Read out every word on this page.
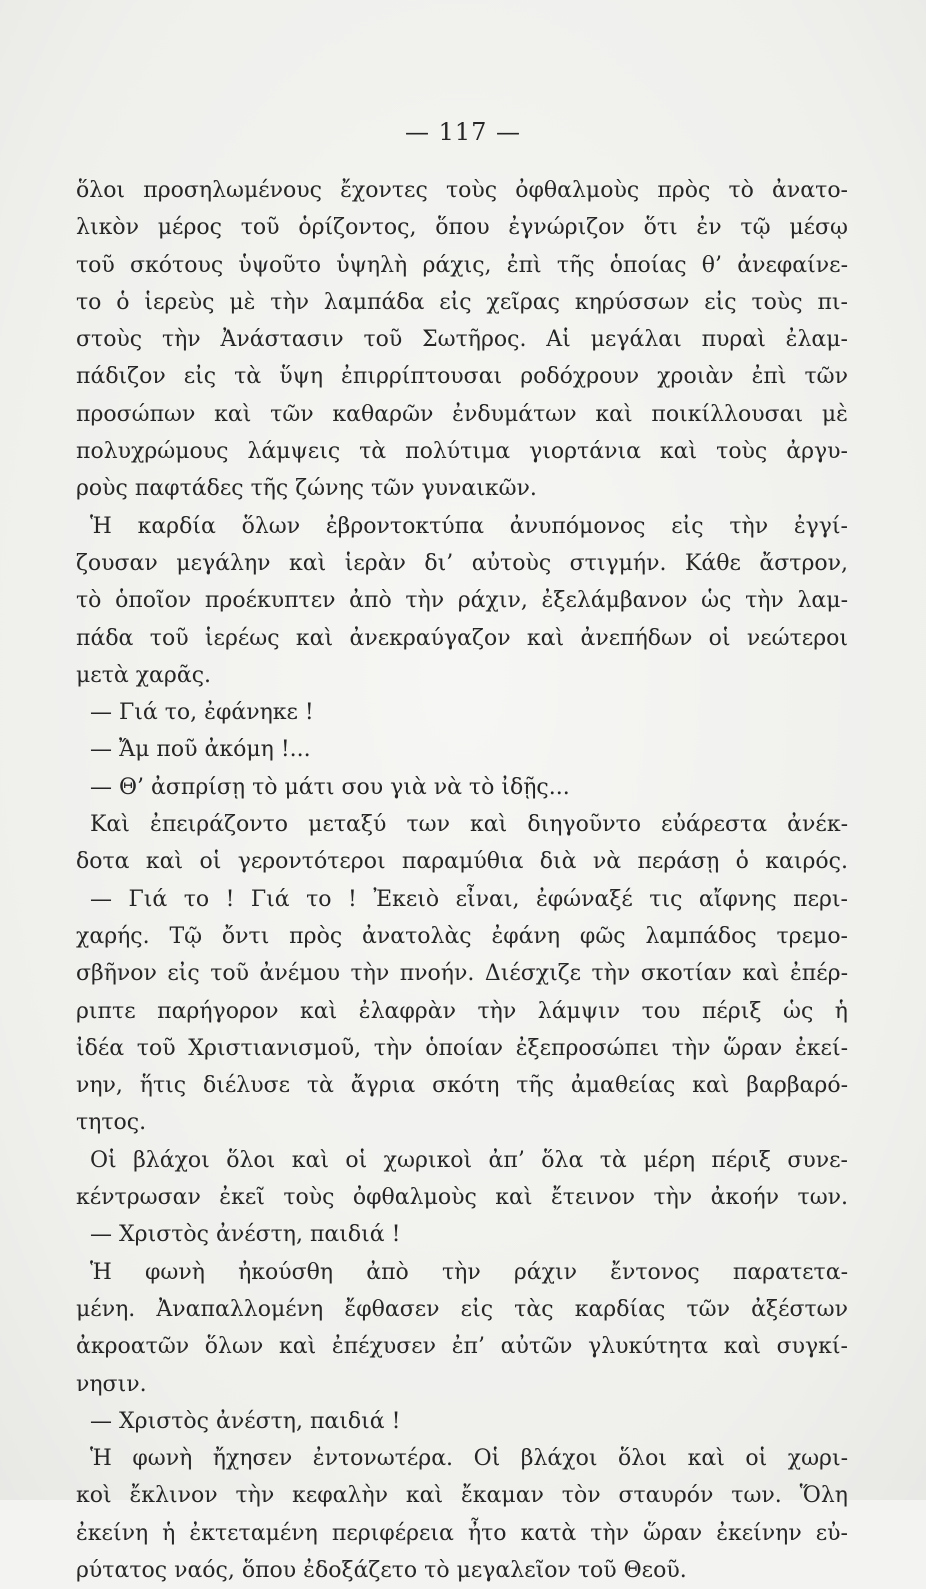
— 117 —
ὅλοι προσηλωμένους ἔχοντες τοὺς ὀφθαλμοὺς πρὸς τὸ ἀνατο-
λικὸν μέρος τοῦ ὁρίζοντος, ὅπου ἐγνώριζον ὅτι ἐν τῷ μέσῳ
τοῦ σκότους ὑψοῦτο ὑψηλὴ ράχις, ἐπὶ τῆς ὁποίας θ’ ἀνεφαίνε-
το ὁ ἱερεὺς μὲ τὴν λαμπάδα εἰς χεῖρας κηρύσσων εἰς τοὺς πι-
στοὺς τὴν Ἀνάστασιν τοῦ Σωτῆρος. Αἱ μεγάλαι πυραὶ ἐλαμ-
πάδιζον εἰς τὰ ὕψη ἐπιρρίπτουσαι ροδόχρουν χροιὰν ἐπὶ τῶν
προσώπων καὶ τῶν καθαρῶν ἐνδυμάτων καὶ ποικίλλουσαι μὲ
πολυχρώμους λάμψεις τὰ πολύτιμα γιορτάνια καὶ τοὺς ἀργυ-
ροὺς παφτάδες τῆς ζώνης τῶν γυναικῶν.
Ἡ καρδία ὅλων ἐβροντοκτύπα ἀνυπόμονος εἰς τὴν ἐγγί-
ζουσαν μεγάλην καὶ ἱερὰν δι’ αὐτοὺς στιγμήν. Κάθε ἄστρον,
τὸ ὁποῖον προέκυπτεν ἀπὸ τὴν ράχιν, ἐξελάμβανον ὡς τὴν λαμ-
πάδα τοῦ ἱερέως καὶ ἀνεκραύγαζον καὶ ἀνεπήδων οἱ νεώτεροι
μετὰ χαρᾶς.
— Γιά το, ἐφάνηκε !
— Ἄμ ποῦ ἀκόμη !...
— Θ’ ἀσπρίσῃ τὸ μάτι σου γιὰ νὰ τὸ ἰδῇς...
Καὶ ἐπειράζοντο μεταξύ των καὶ διηγοῦντο εὐάρεστα ἀνέκ-
δοτα καὶ οἱ γεροντότεροι παραμύθια διὰ νὰ περάσῃ ὁ καιρός.
— Γιά το ! Γιά το ! Ἐκειὸ εἶναι, ἐφώναξέ τις αἴφνης περι-
χαρής. Τῷ ὄντι πρὸς ἀνατολὰς ἐφάνη φῶς λαμπάδος τρεμο-
σβῆνον εἰς τοῦ ἀνέμου τὴν πνοήν. Διέσχιζε τὴν σκοτίαν καὶ ἐπέρ-
ριπτε παρήγορον καὶ ἐλαφρὰν τὴν λάμψιν του πέριξ ὡς ἡ
ἰδέα τοῦ Χριστιανισμοῦ, τὴν ὁποίαν ἐξεπροσώπει τὴν ὥραν ἐκεί-
νην, ἥτις διέλυσε τὰ ἄγρια σκότη τῆς ἀμαθείας καὶ βαρβαρό-
τητος.
Οἱ βλάχοι ὅλοι καὶ οἱ χωρικοὶ ἀπ’ ὅλα τὰ μέρη πέριξ συνε-
κέντρωσαν ἐκεῖ τοὺς ὀφθαλμοὺς καὶ ἔτεινον τὴν ἀκοήν των.
— Χριστὸς ἀνέστη, παιδιά !
Ἡ φωνὴ ἠκούσθη ἀπὸ τὴν ράχιν ἔντονος παρατετα-
μένη. Ἀναπαλλομένη ἔφθασεν εἰς τὰς καρδίας τῶν ἀξέστων
ἀκροατῶν ὅλων καὶ ἐπέχυσεν ἐπ’ αὐτῶν γλυκύτητα καὶ συγκί-
νησιν.
— Χριστὸς ἀνέστη, παιδιά !
Ἡ φωνὴ ἤχησεν ἐντονωτέρα. Οἱ βλάχοι ὅλοι καὶ οἱ χωρι-
κοὶ ἔκλινον τὴν κεφαλὴν καὶ ἔκαμαν τὸν σταυρόν των. Ὅλη
ἐκείνη ἡ ἐκτεταμένη περιφέρεια ἦτο κατὰ τὴν ὥραν ἐκείνην εὐ-
ρύτατος ναός, ὅπου ἐδοξάζετο τὸ μεγαλεῖον τοῦ Θεοῦ.
